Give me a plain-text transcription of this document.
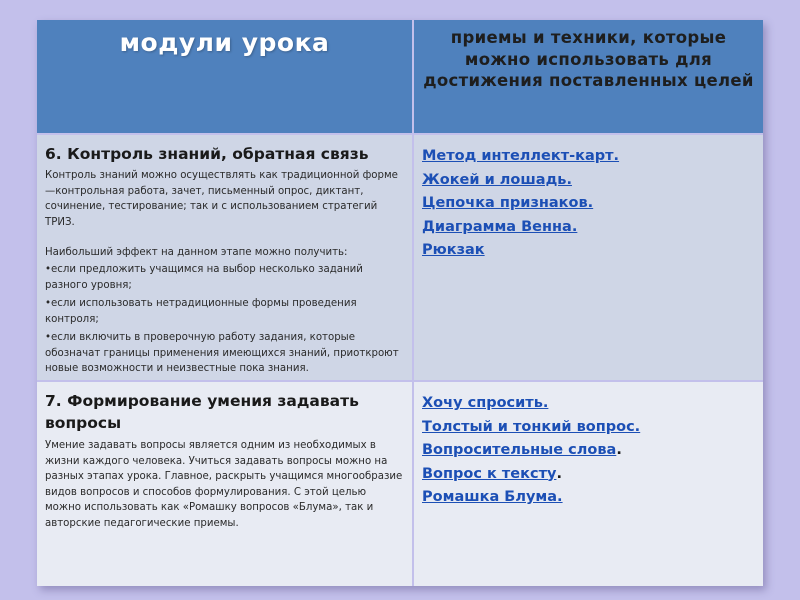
модули урока	приемы и техники, которые можно использовать для достижения поставленных целей
6. Контроль знаний, обратная связь
Контроль знаний можно осуществлять как традиционной форме—контрольная работа, зачет, письменный опрос, диктант, сочинение, тестирование; так и с использованием стратегий ТРИЗ.
Наибольший эффект на данном этапе можно получить:
•если предложить учащимся на выбор несколько заданий разного уровня;
•если использовать нетрадиционные формы проведения контроля;
•если включить в проверочную работу задания, которые обозначат границы применения имеющихся знаний, приоткроют новые возможности и неизвестные пока знания.
Метод интеллект-карт.
Жокей и лошадь.
Цепочка признаков.
Диаграмма Венна.
Рюкзак
7. Формирование умения задавать вопросы
Умение задавать вопросы является одним из необходимых в жизни каждого человека. Учиться задавать вопросы можно на разных этапах урока. Главное, раскрыть учащимся многообразие видов вопросов и способов формулирования. С этой целью можно использовать как «Ромашку вопросов «Блума», так и авторские педагогические приемы.
Хочу спросить.
Толстый и тонкий вопрос.
Вопросительные слова.
Вопрос к тексту.
Ромашка Блума.
